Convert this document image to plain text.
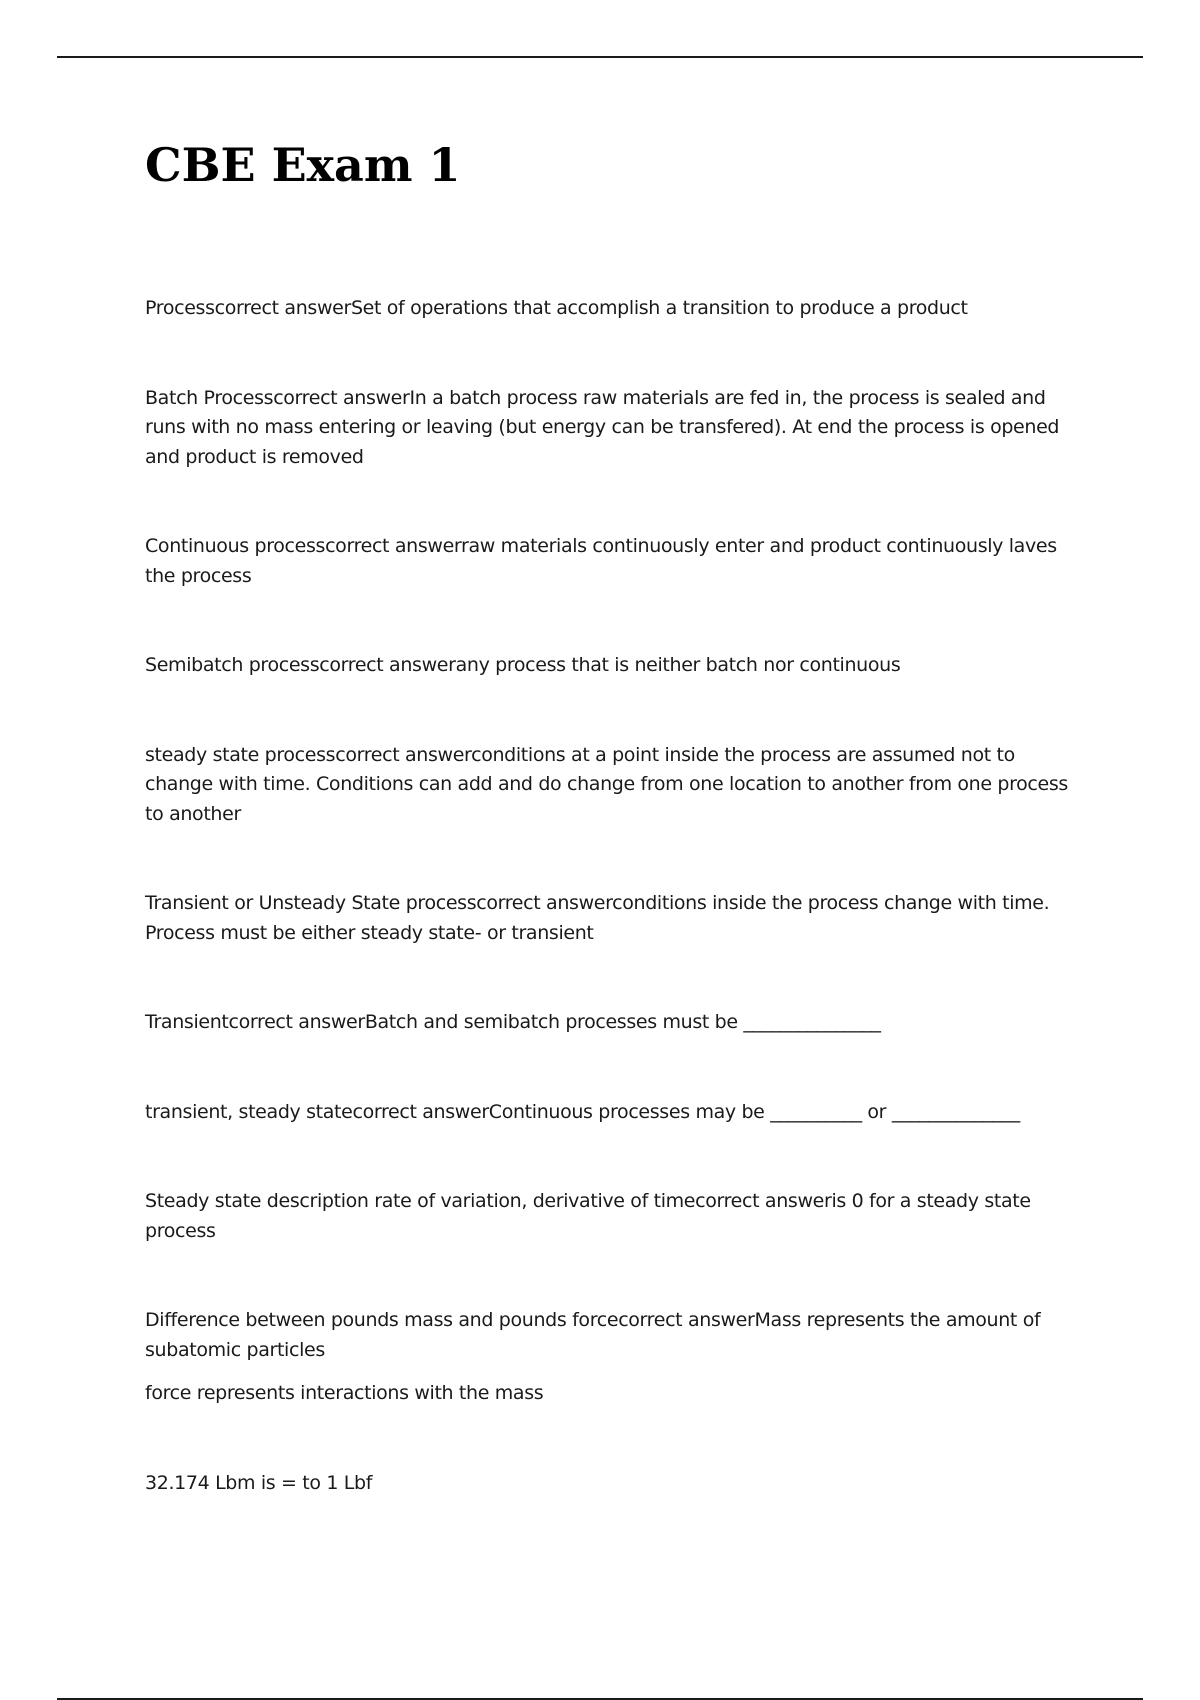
CBE Exam 1

Processcorrect answerSet of operations that accomplish a transition to produce a product

Batch Processcorrect answerIn a batch process raw materials are fed in, the process is sealed and runs with no mass entering or leaving (but energy can be transfered). At end the process is opened and product is removed

Continuous processcorrect answerraw materials continuously enter and product continuously laves the process

Semibatch processcorrect answerany process that is neither batch nor continuous

steady state processcorrect answerconditions at a point inside the process are assumed not to change with time. Conditions can add and do change from one location to another from one process to another

Transient or Unsteady State processcorrect answerconditions inside the process change with time. Process must be either steady state- or transient

Transientcorrect answerBatch and semibatch processes must be _______________

transient, steady statecorrect answerContinuous processes may be __________ or ______________

Steady state description rate of variation, derivative of timecorrect answeris 0 for a steady state process

Difference between pounds mass and pounds forcecorrect answerMass represents the amount of subatomic particles

force represents interactions with the mass

32.174 Lbm is = to 1 Lbf
